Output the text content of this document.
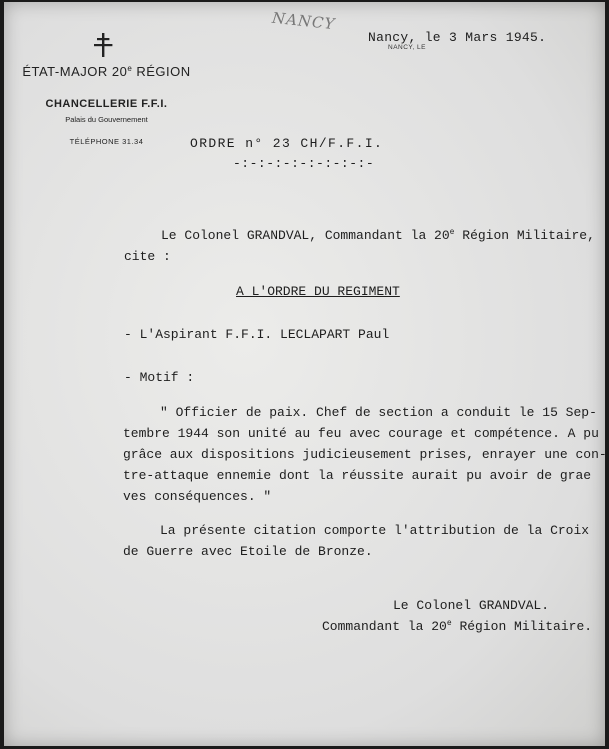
NANCY
ÉTAT-MAJOR 20e RÉGION
CHANCELLERIE F.F.I.
Palais du Gouvernement
TÉLÉPHONE 31.34
Nancy, le 3 Mars 1945.
NANCY, LE
ORDRE n° 23 CH/F.F.I.
-:-:-:-:-:-:-:-:-
Le Colonel GRANDVAL, Commandant la 20e Région Militaire,
cite :
A L'ORDRE DU REGIMENT
- L'Aspirant F.F.I. LECLAPART Paul
- Motif :
" Officier de paix. Chef de section a conduit le 15 Sep-
tembre 1944 son unité au feu avec courage et compétence. A pu
grâce aux dispositions judicieusement prises, enrayer une con-
tre-attaque ennemie dont la réussite aurait pu avoir de grae
ves conséquences. "
La présente citation comporte l'attribution de la Croix
de Guerre avec Etoile de Bronze.
Le Colonel GRANDVAL.
Commandant la 20e Région Militaire.
